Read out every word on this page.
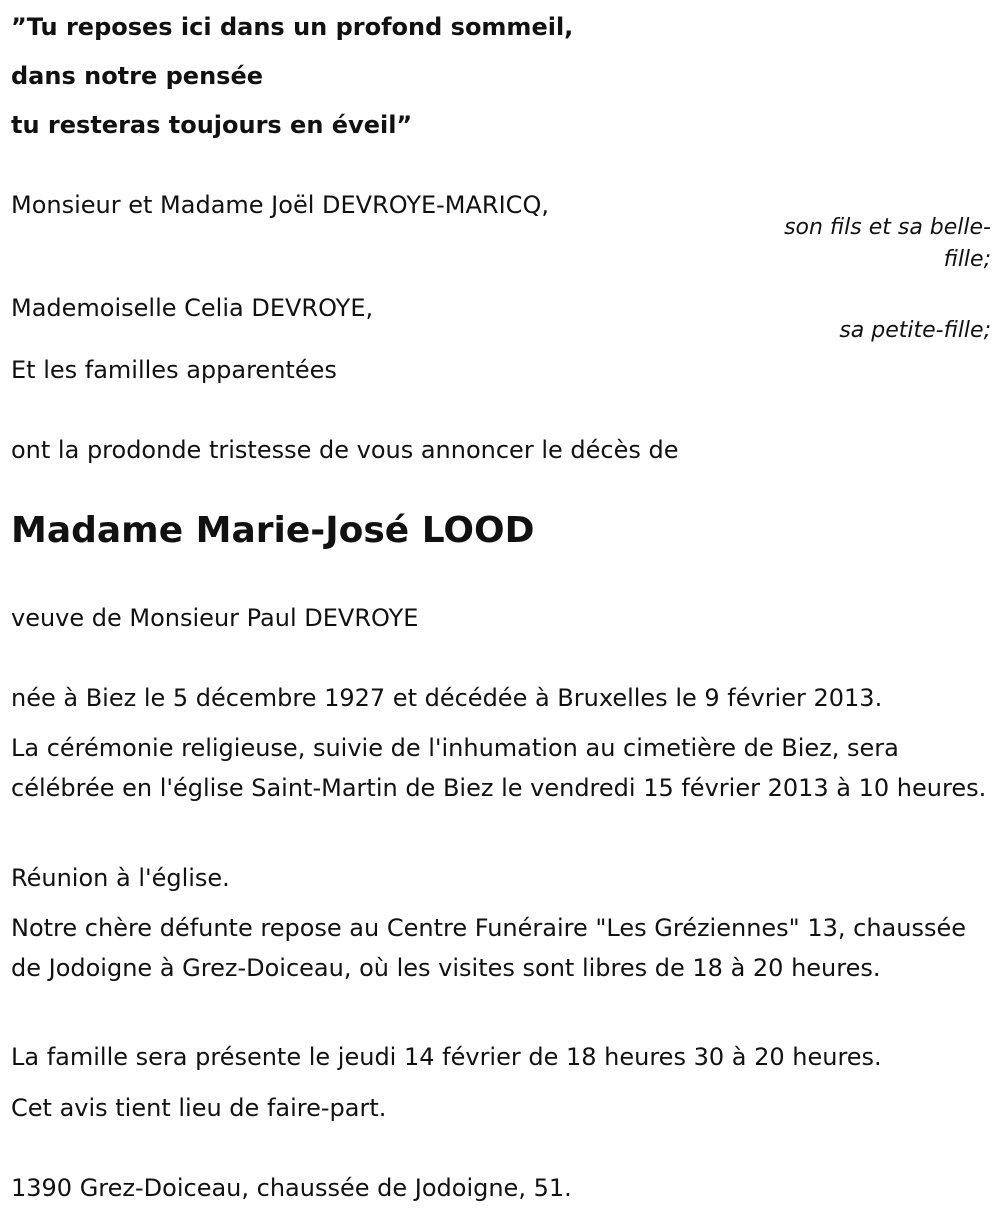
”Tu reposes ici dans un profond sommeil,
dans notre pensée
tu resteras toujours en éveil”
Monsieur et Madame Joël DEVROYE-MARICQ,
son fils et sa belle-fille;
Mademoiselle Celia DEVROYE,
sa petite-fille;
Et les familles apparentées
ont la prodonde tristesse de vous annoncer le décès de
Madame Marie-José LOOD
veuve de Monsieur Paul DEVROYE
née à Biez le 5 décembre 1927 et décédée à Bruxelles le 9 février 2013.
La cérémonie religieuse, suivie de l'inhumation au cimetière de Biez, sera célébrée en l'église Saint-Martin de Biez le vendredi 15 février 2013 à 10 heures.
Réunion à l'église.
Notre chère défunte repose au Centre Funéraire "Les Gréziennes" 13, chaussée de Jodoigne à Grez-Doiceau, où les visites sont libres de 18 à 20 heures.
La famille sera présente le jeudi 14 février de 18 heures 30 à 20 heures.
Cet avis tient lieu de faire-part.
1390 Grez-Doiceau, chaussée de Jodoigne, 51.
